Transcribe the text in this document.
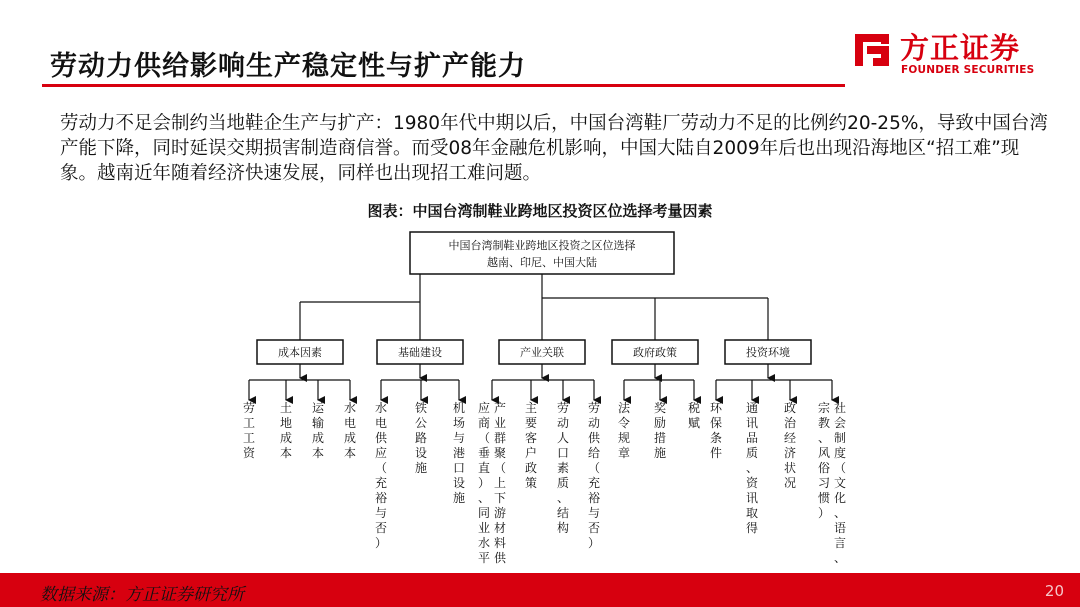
劳动力供给影响生产稳定性与扩产能力
方正证券
FOUNDER SECURITIES
劳动力不足会制约当地鞋企生产与扩产：1980年代中期以后，中国台湾鞋厂劳动力不足的比例约20-25%，导致中国台湾产能下降，同时延误交期损害制造商信誉。而受08年金融危机影响，中国大陆自2009年后也出现沿海地区“招工难”现象。越南近年随着经济快速发展，同样也出现招工难问题。
图表：中国台湾制鞋业跨地区投资区位选择考量因素
中国台湾制鞋业跨地区投资之区位选择
越南、印尼、中国大陆
成本因素
劳
工
工
资
土
地
成
本
运
输
成
本
水
电
成
本
基础建设
水
电
供
应
（
充
裕
与
否
）
铁
公
路
设
施
机
场
与
港
口
设
施
产业关联
产
业
群
聚
（
上
下
游
材
料
供
应
商
（
垂
直
）
、
同
业
水
平
主
要
客
户
政
策
劳
动
人
口
素
质
、
结
构
劳
动
供
给
（
充
裕
与
否
）
政府政策
法
令
规
章
奖
励
措
施
税
赋
投资环境
环
保
条
件
通
讯
品
质
、
资
讯
取
得
政
治
经
济
状
况
社
会
制
度
（
文
化
、
语
言
、
宗
教
、
风
俗
习
惯
）
数据来源：方正证券研究所	20
